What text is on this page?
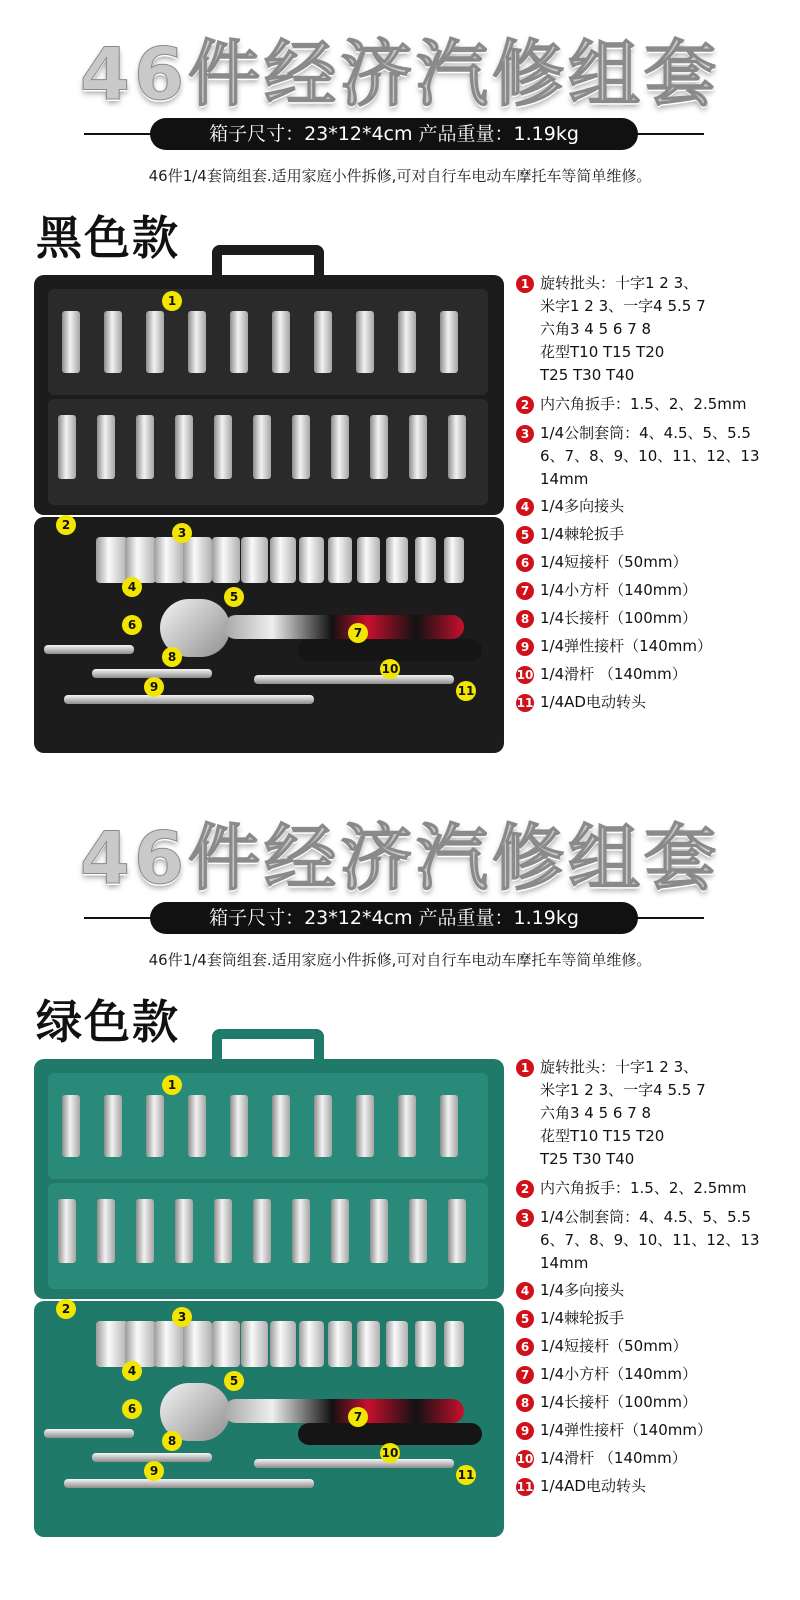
46件经济汽修组套
箱子尺寸：23*12*4cm 产品重量：1.19kg
46件1/4套筒组套.适用家庭小件拆修,可对自行车电动车摩托车等简单维修。
黑色款
1
2
3
4
5
6
7
8
9
10
11
1 旋转批头：十字1 2 3、
米字1 2 3、一字4 5.5 7
六角3 4 5 6 7 8
花型T10 T15 T20
T25 T30 T40
2 内六角扳手：1.5、2、2.5mm
3 1/4公制套筒：4、4.5、5、5.5
6、7、8、9、10、11、12、13
14mm
4 1/4多向接头
5 1/4棘轮扳手
6 1/4短接杆（50mm）
7 1/4小方杆（140mm）
8 1/4长接杆（100mm）
9 1/4弹性接杆（140mm）
10 1/4滑杆 （140mm）
11 1/4AD电动转头
46件经济汽修组套
箱子尺寸：23*12*4cm 产品重量：1.19kg
46件1/4套筒组套.适用家庭小件拆修,可对自行车电动车摩托车等简单维修。
绿色款
1
2
3
4
5
6
7
8
9
10
11
1 旋转批头：十字1 2 3、
米字1 2 3、一字4 5.5 7
六角3 4 5 6 7 8
花型T10 T15 T20
T25 T30 T40
2 内六角扳手：1.5、2、2.5mm
3 1/4公制套筒：4、4.5、5、5.5
6、7、8、9、10、11、12、13
14mm
4 1/4多向接头
5 1/4棘轮扳手
6 1/4短接杆（50mm）
7 1/4小方杆（140mm）
8 1/4长接杆（100mm）
9 1/4弹性接杆（140mm）
10 1/4滑杆 （140mm）
11 1/4AD电动转头
